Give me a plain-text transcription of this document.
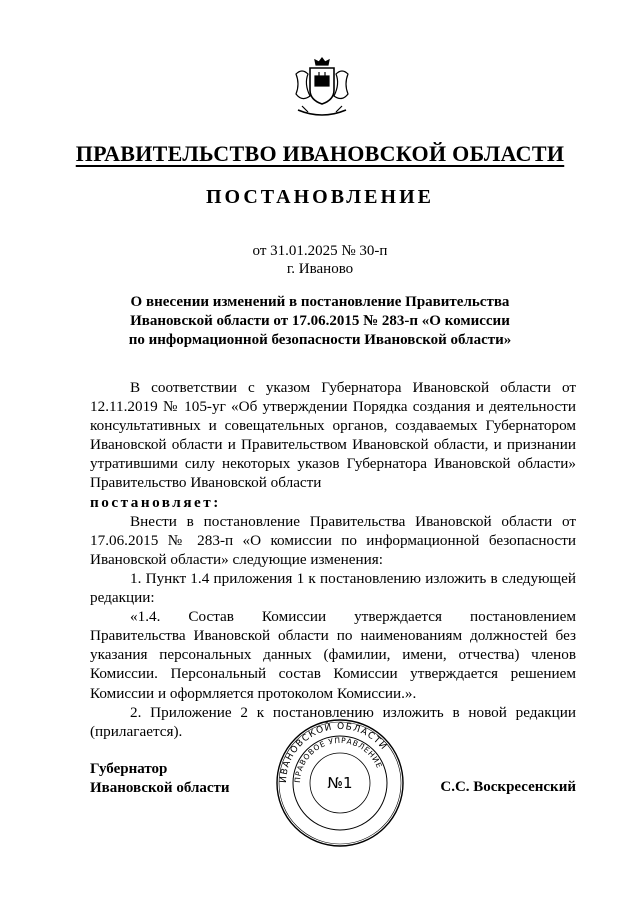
ПРАВИТЕЛЬСТВО ИВАНОВСКОЙ ОБЛАСТИ
ПОСТАНОВЛЕНИЕ
от 31.01.2025 № 30-п
г. Иваново
О внесении изменений в постановление Правительства
Ивановской области от 17.06.2015 № 283-п «О комиссии
по информационной безопасности Ивановской области»

В соответствии с указом Губернатора Ивановской области от 12.11.2019 № 105-уг «Об утверждении Порядка создания и деятельности консультативных и совещательных органов, создаваемых Губернатором Ивановской области и Правительством Ивановской области, и признании утратившими силу некоторых указов Губернатора Ивановской области» Правительство Ивановской области

постановляет:

Внести в постановление Правительства Ивановской области от 17.06.2015 № 283-п «О комиссии по информационной безопасности Ивановской области» следующие изменения:

1. Пункт 1.4 приложения 1 к постановлению изложить в следующей редакции:

«1.4. Состав Комиссии утверждается постановлением Правительства Ивановской области по наименованиям должностей без указания персональных данных (фамилии, имени, отчества) членов Комиссии. Персональный состав Комиссии утверждается решением Комиссии и оформляется протоколом Комиссии.».

2. Приложение 2 к постановлению изложить в новой редакции (прилагается).

Губернатор
Ивановской области	С.С. Воскресенский
ИВАНОВСКОЙ ОБЛАСТИ
ПРАВОВОЕ УПРАВЛЕНИЕ
№1
